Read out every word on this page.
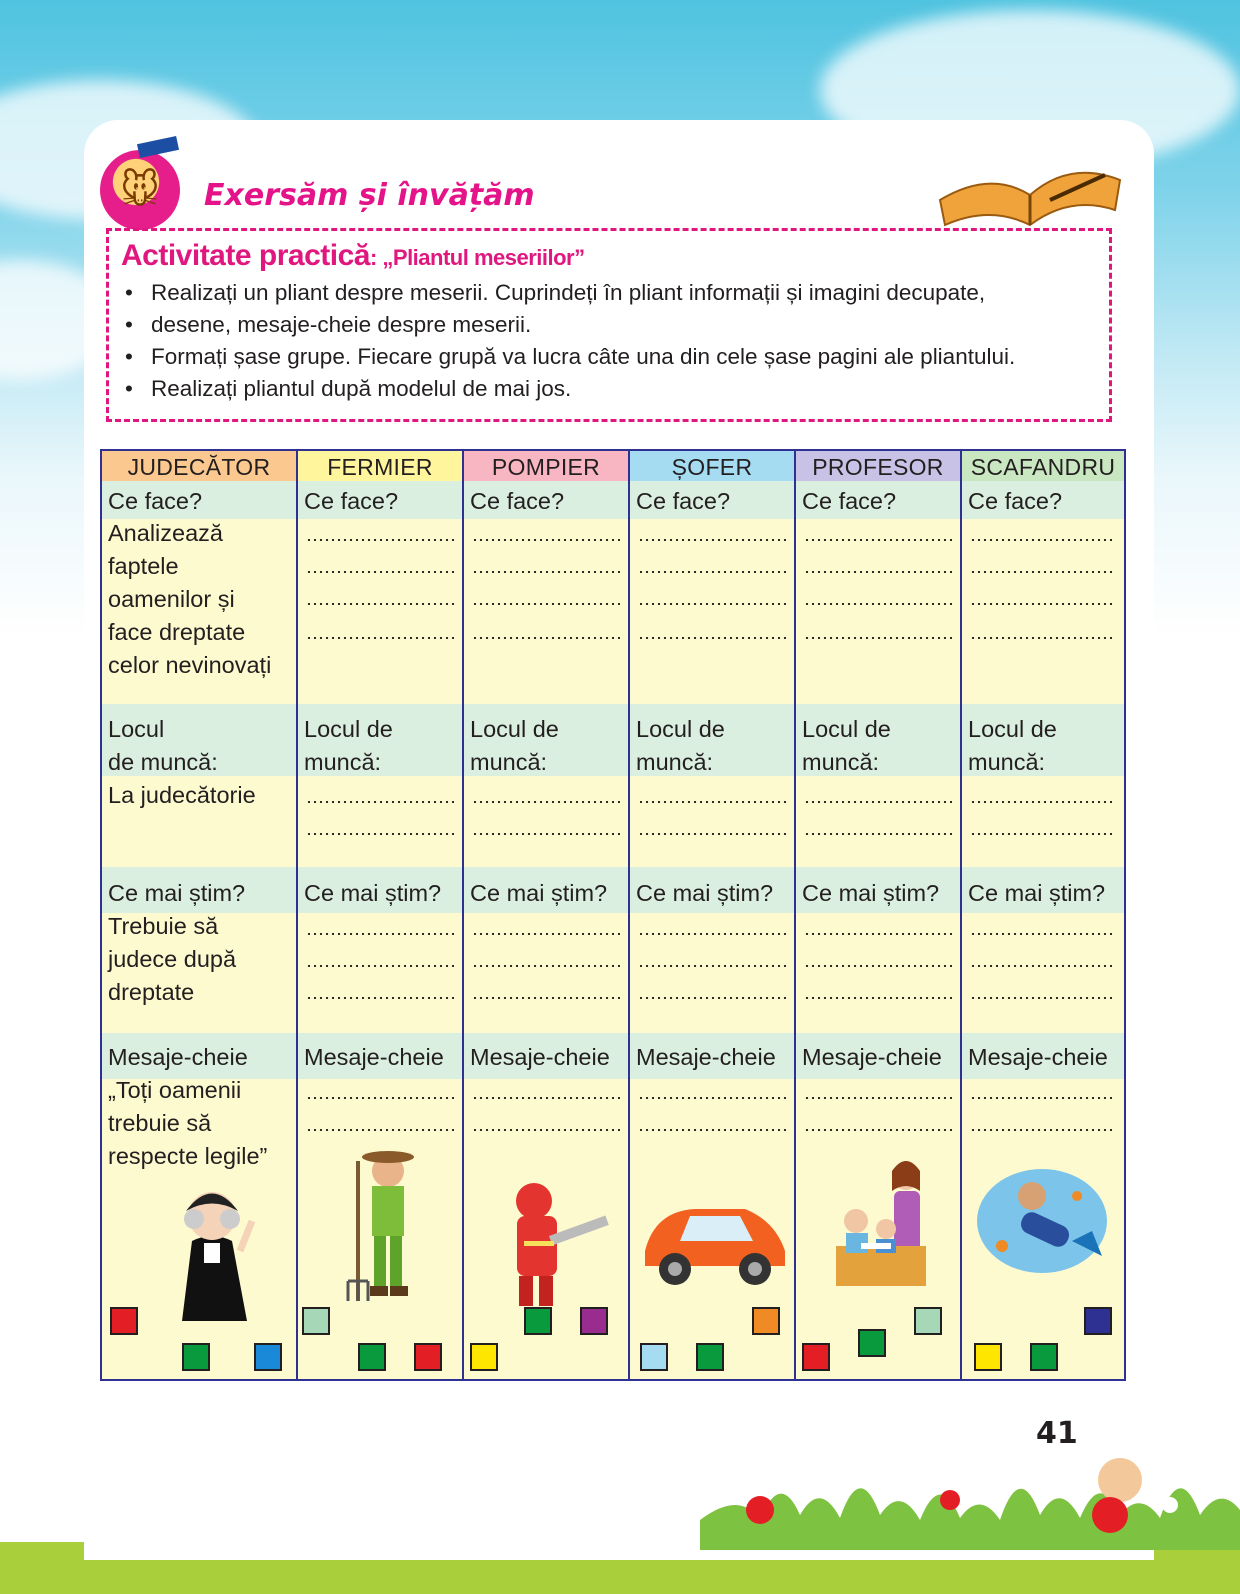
🐭	Exersăm și învățăm
Activitate practică: „Pliantul meseriilor”
• Realizați un pliant despre meserii. Cuprindeți în pliant informații și imagini decupate,
• desene, mesaje-cheie despre meserii.
• Formați șase grupe. Fiecare grupă va lucra câte una din cele șase pagini ale pliantului.
• Realizați pliantul după modelul de mai jos.
JUDECĂTOR
Ce face?
Analizează
faptele
oamenilor și
face dreptate
celor nevinovați
Locul
de muncă:
La judecătorie
Ce mai știm?
Trebuie să
judece după
dreptate
Mesaje-cheie
„Toți oamenii
trebuie să
respecte legile”
FERMIER
Ce face?
Locul de
muncă:
Ce mai știm?
Mesaje-cheie
POMPIER
Ce face?
Locul de
muncă:
Ce mai știm?
Mesaje-cheie
ȘOFER
Ce face?
Locul de
muncă:
Ce mai știm?
Mesaje-cheie
PROFESOR
Ce face?
Locul de
muncă:
Ce mai știm?
Mesaje-cheie
SCAFANDRU
Ce face?
Locul de
muncă:
Ce mai știm?
Mesaje-cheie
41
